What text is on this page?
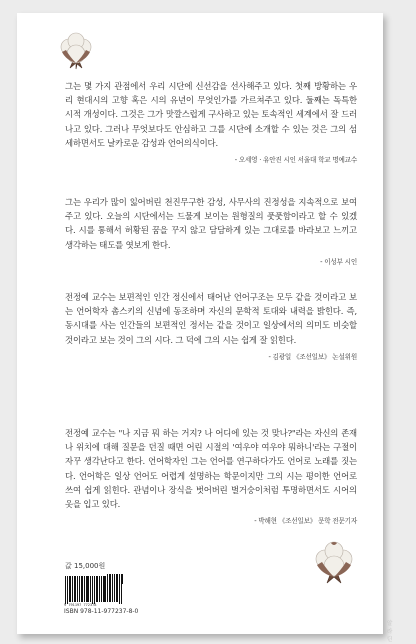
그는 몇 가지 관점에서 우리 시단에 신선감을 선사해주고 있다. 첫째 방황하는 우리 현대시의 고향 혹은 시의 유년이 무엇인가를 가르쳐주고 있다. 둘째는 독특한 시적 개성이다. 그것은 그가 맛깔스럽게 구사하고 있는 토속적인 세계에서 잘 드러나고 있다. 그러나 무엇보다도 안심하고 그를 시단에 소개할 수 있는 것은 그의 섬세하면서도 날카로운 감성과 언어의식이다.

- 오세영 · 유안진 시인 서울대 학교 명예교수

그는 우리가 많이 잃어버린 천진무구한 감성, 사무사의 진정성을 지속적으로 보여주고 있다. 오늘의 시단에서는 드물게 보이는 원형질의 풋풋함이라고 할 수 있겠다. 시를 통해서 허황된 꿈을 꾸지 않고 담담하게 있는 그대로를 바라보고 느끼고 생각하는 태도를 엿보게 한다.

- 이성부 시인

전정예 교수는 보편적인 인간 정신에서 태어난 언어구조는 모두 같을 것이라고 보는 언어학자 촘스키의 신념에 동조하며 자신의 문학적 토대와 내력을 밝힌다. 즉, 동시대를 사는 인간들의 보편적인 정서는 같을 것이고 일상에서의 의미도 비슷할 것이라고 보는 것이 그의 시다. 그 덕에 그의 시는 쉽게 잘 읽힌다.

- 김광일 《조선일보》 논설위원

전정예 교수는 "나 지금 뭐 하는 거지? 나 어디에 있는 것 맞나?"라는 자신의 존재나 위치에 대해 질문을 던질 때면 어린 시절의 '여우야 여우야 뭐하니'라는 구절이 자꾸 생각난다고 한다. 언어학자인 그는 언어를 연구하다가도 언어로 노래를 짓는다. 언어학은 일상 언어도 어렵게 설명하는 학문이지만 그의 시는 평이한 언어로 쓰여 쉽게 읽힌다. 관념이나 장식을 벗어버린 벌거숭이처럼 투명하면서도 시어의 옷을 입고 있다.

- 박해현 《조선일보》 문학 전문기자
값 15,000원
9 791197 772378
ISBN 978-11-977237-8-0
알라딘
